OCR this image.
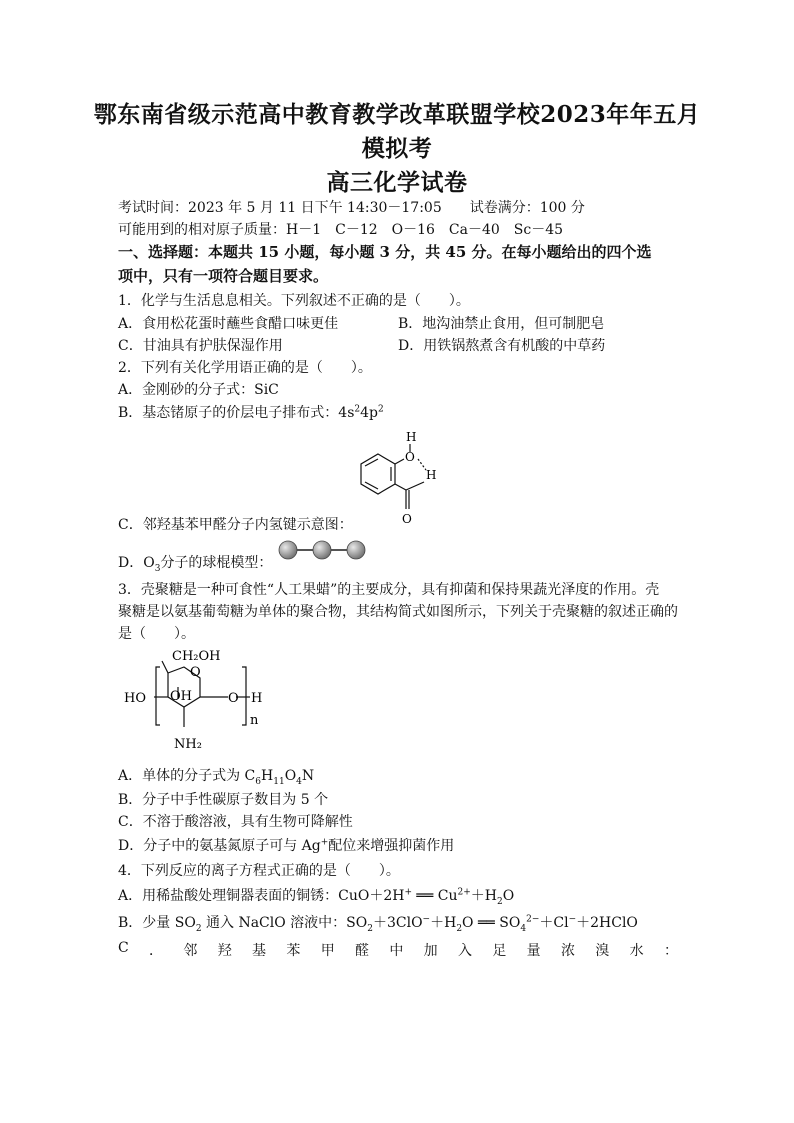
鄂东南省级示范高中教育教学改革联盟学校2023年年五月
模拟考
高三化学试卷
考试时间：2023 年 5 月 11 日下午 14:30－17:05　　试卷满分：100 分
可能用到的相对原子质量：H－1　C－12　O－16　Ca－40　Sc－45
一、选择题：本题共 15 小题，每小题 3 分，共 45 分。在每小题给出的四个选
项中，只有一项符合题目要求。
1．化学与生活息息相关。下列叙述不正确的是（　　）。
A．食用松花蛋时蘸些食醋口味更佳	B．地沟油禁止食用，但可制肥皂
C．甘油具有护肤保湿作用	D．用铁锅熬煮含有机酸的中草药
2．下列有关化学用语正确的是（　　）。
A．金刚砂的分子式：SiC
B．基态锗原子的价层电子排布式：$4s^24p^2$
H
O
H
O
C．邻羟基苯甲醛分子内氢键示意图：
D．$O_3$分子的球棍模型：
3．壳聚糖是一种可食性“人工果蜡”的主要成分，具有抑菌和保持果蔬光泽度的作用。壳
聚糖是以氨基葡萄糖为单体的聚合物，其结构简式如图所示，下列关于壳聚糖的叙述正确的
是（　　）。
CH₂OH
HO OH
O
O H
n
NH₂
A．单体的分子式为 $C_6H_{11}O_4N$
B．分子中手性碳原子数目为 5 个
C．不溶于酸溶液，具有生物可降解性
D．分子中的氨基氮原子可与 Ag+配位来增强抑菌作用
4．下列反应的离子方程式正确的是（　　）。
A．用稀盐酸处理铜器表面的铜锈：CuO＋2H+ ══ $Cu^{2+}+H_2O$
B．少量 $SO_2$ 通入 NaClO 溶液中：$SO_2+3ClO^-+H_2O$ ══ $SO_4^{2-}+Cl^-+2HClO$
C ． 邻 羟 基 苯 甲 醛 中 加 入 足 量 浓 溴 水 ：
